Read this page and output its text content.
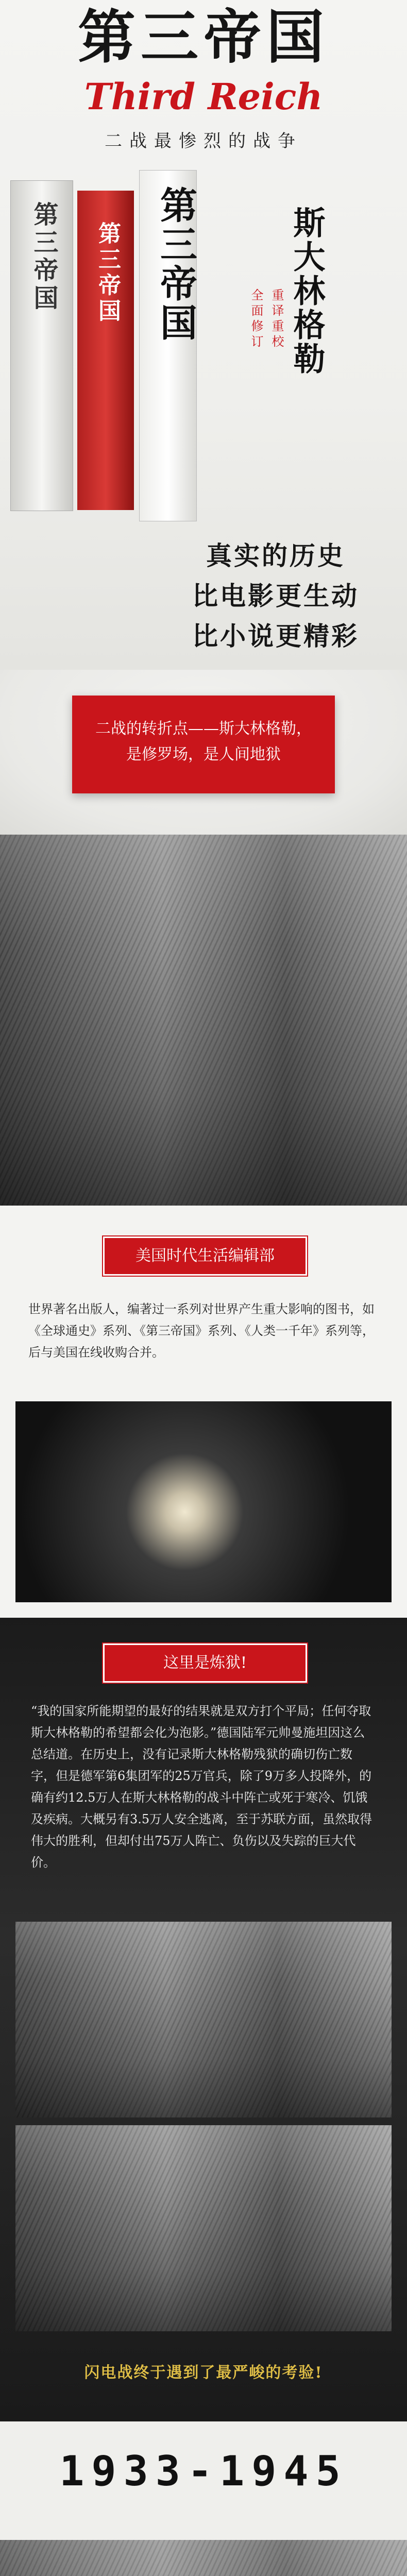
第三帝国
Third Reich
二战最惨烈的战争
第三帝国 第三帝国 第三帝国	全面修订 重译重校 斯大林格勒
真实的历史
比电影更生动
比小说更精彩

二战的转折点——斯大林格勒，

是修罗场，是人间地狱

美国时代生活编辑部
世界著名出版人，编著过一系列对世界产生重大影响的图书，如《全球通史》系列、《第三帝国》系列、《人类一千年》系列等，后与美国在线收购合并。
这里是炼狱!
“我的国家所能期望的最好的结果就是双方打个平局；任何夺取斯大林格勒的希望都会化为泡影。”德国陆军元帅曼施坦因这么总结道。在历史上，没有记录斯大林格勒残狱的确切伤亡数字，但是德军第6集团军的25万官兵，除了9万多人投降外，的确有约12.5万人在斯大林格勒的战斗中阵亡或死于寒冷、饥饿及疾病。大概另有3.5万人安全逃离，至于苏联方面，虽然取得伟大的胜利，但却付出75万人阵亡、负伤以及失踪的巨大代价。
闪电战终于遇到了最严峻的考验!
1933-1945
